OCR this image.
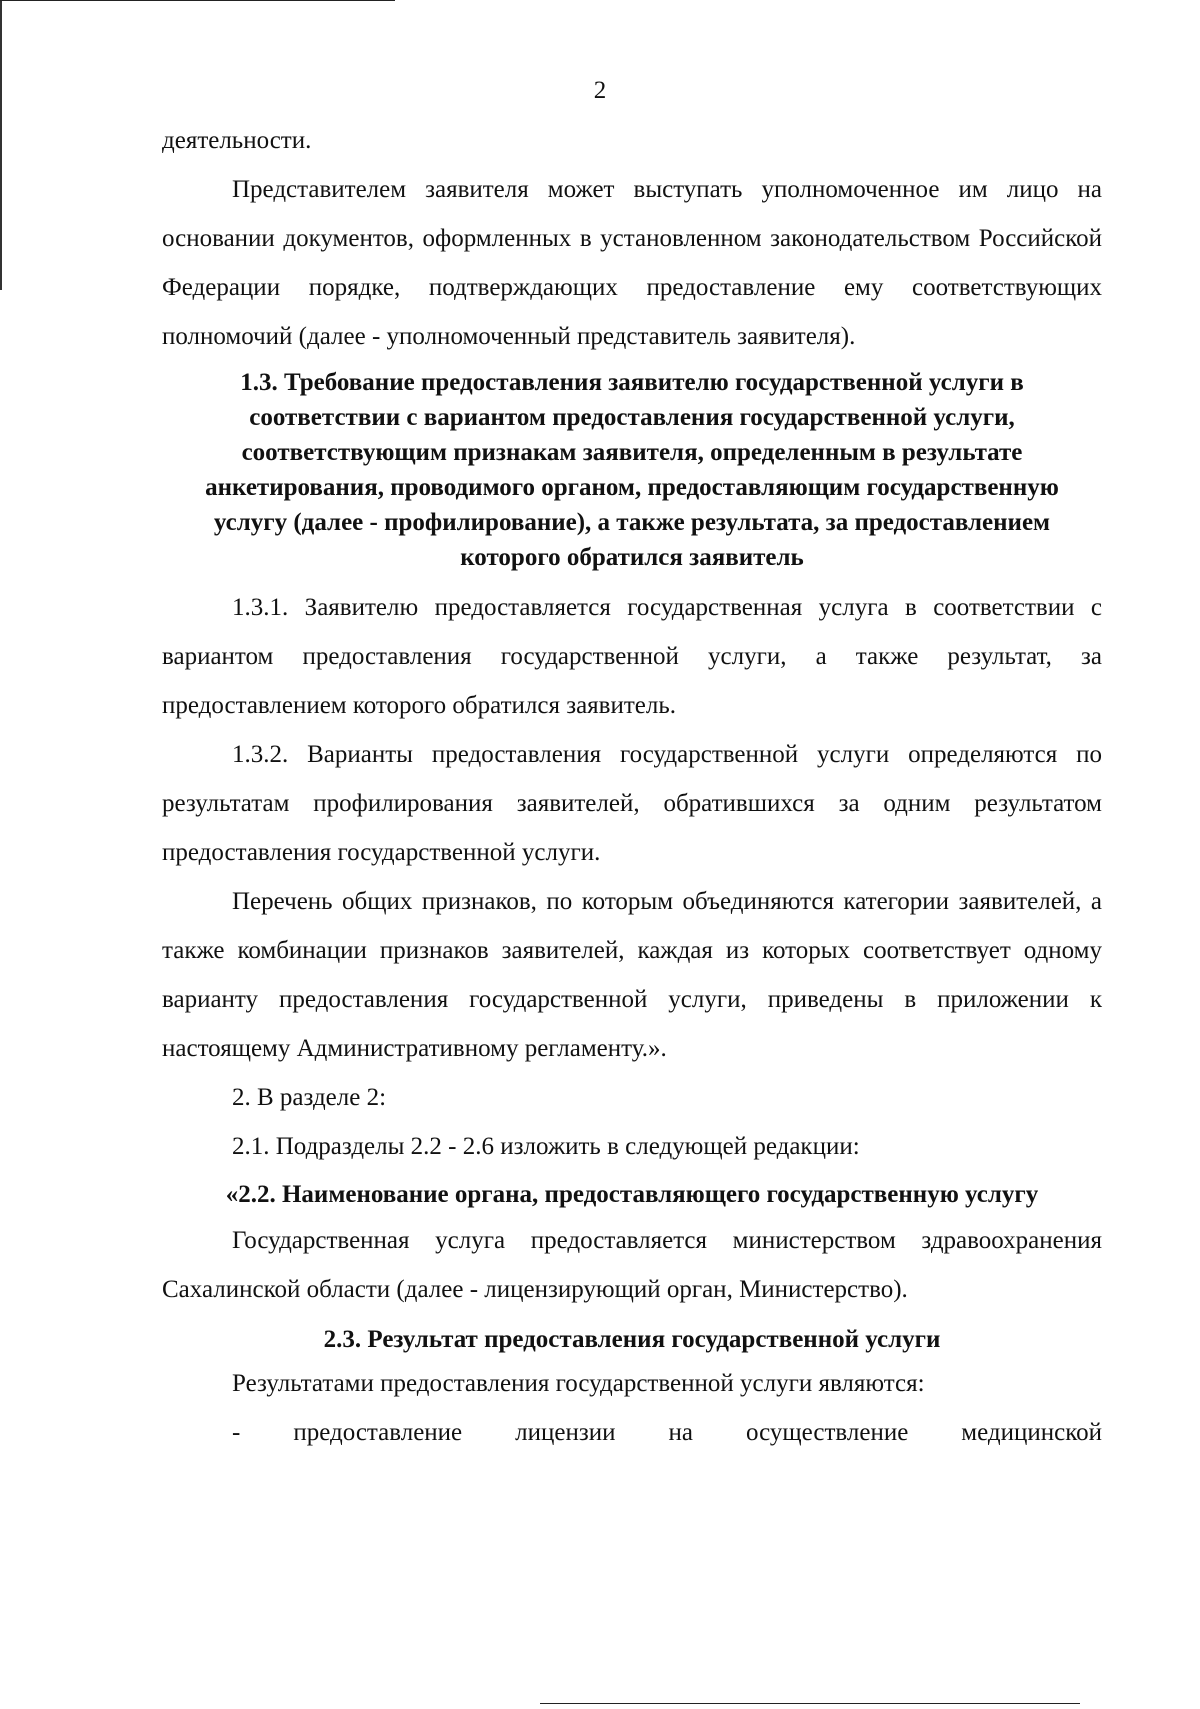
2

деятельности.

Представителем заявителя может выступать уполномоченное им лицо на основании документов, оформленных в установленном законодательством Российской Федерации порядке, подтверждающих предоставление ему соответствующих полномочий (далее - уполномоченный представитель заявителя).

1.3. Требование предоставления заявителю государственной услуги в соответствии с вариантом предоставления государственной услуги, соответствующим признакам заявителя, определенным в результате анкетирования, проводимого органом, предоставляющим государственную услугу (далее - профилирование), а также результата, за предоставлением которого обратился заявитель

1.3.1. Заявителю предоставляется государственная услуга в соответствии с вариантом предоставления государственной услуги, а также результат, за предоставлением которого обратился заявитель.

1.3.2. Варианты предоставления государственной услуги определяются по результатам профилирования заявителей, обратившихся за одним результатом предоставления государственной услуги.

Перечень общих признаков, по которым объединяются категории заявителей, а также комбинации признаков заявителей, каждая из которых соответствует одному варианту предоставления государственной услуги, приведены в приложении к настоящему Административному регламенту.».

2. В разделе 2:

2.1. Подразделы 2.2 - 2.6 изложить в следующей редакции:

«2.2. Наименование органа, предоставляющего государственную услугу

Государственная услуга предоставляется министерством здравоохранения Сахалинской области (далее - лицензирующий орган, Министерство).

2.3. Результат предоставления государственной услуги

Результатами предоставления государственной услуги являются:

- предоставление лицензии на осуществление медицинской
